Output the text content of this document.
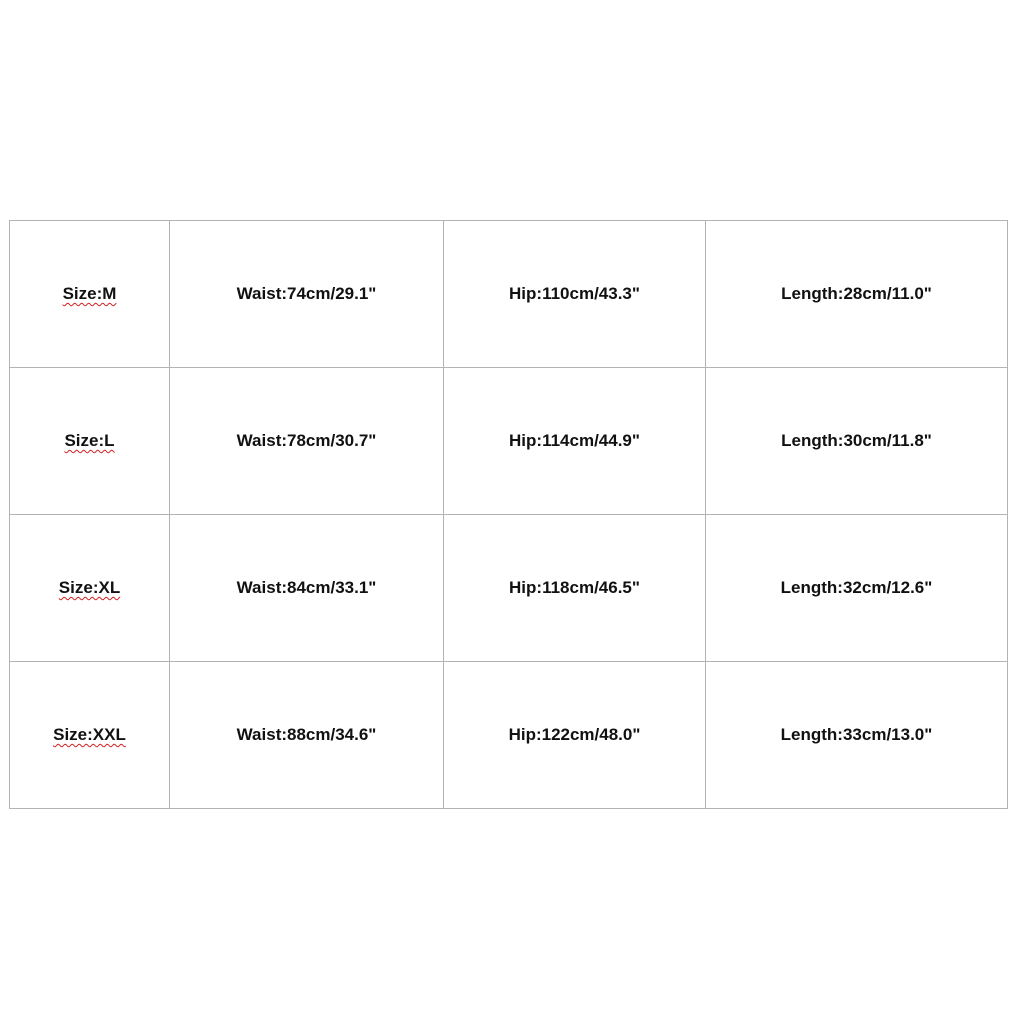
Size:M	Waist:74cm/29.1"	Hip:110cm/43.3"	Length:28cm/11.0"
Size:L	Waist:78cm/30.7"	Hip:114cm/44.9"	Length:30cm/11.8"
Size:XL	Waist:84cm/33.1"	Hip:118cm/46.5"	Length:32cm/12.6"
Size:XXL	Waist:88cm/34.6"	Hip:122cm/48.0"	Length:33cm/13.0"
